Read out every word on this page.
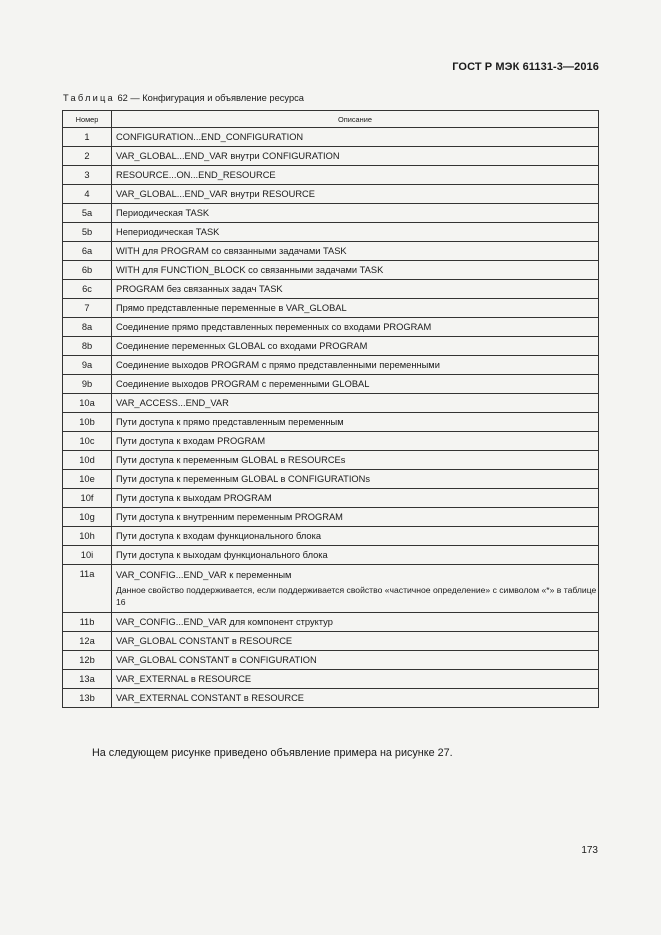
ГОСТ Р МЭК 61131-3—2016
Таблица 62 — Конфигурация и объявление ресурса
Номер	Описание
1	CONFIGURATION...END_CONFIGURATION
2	VAR_GLOBAL...END_VAR внутри CONFIGURATION
3	RESOURCE...ON...END_RESOURCE
4	VAR_GLOBAL...END_VAR внутри RESOURCE
5a	Периодическая TASK
5b	Непериодическая TASK
6a	WITH для PROGRAM со связанными задачами TASK
6b	WITH для FUNCTION_BLOCK со связанными задачами TASK
6c	PROGRAM без связанных задач TASK
7	Прямо представленные переменные в VAR_GLOBAL
8a	Соединение прямо представленных переменных со входами PROGRAM
8b	Соединение переменных GLOBAL со входами PROGRAM
9a	Соединение выходов PROGRAM с прямо представленными переменными
9b	Соединение выходов PROGRAM с переменными GLOBAL
10a	VAR_ACCESS...END_VAR
10b	Пути доступа к прямо представленным переменным
10c	Пути доступа к входам PROGRAM
10d	Пути доступа к переменным GLOBAL в RESOURCEs
10e	Пути доступа к переменным GLOBAL в CONFIGURATIONs
10f	Пути доступа к выходам PROGRAM
10g	Пути доступа к внутренним переменным PROGRAM
10h	Пути доступа к входам функционального блока
10i	Пути доступа к выходам функционального блока
11a	VAR_CONFIG...END_VAR к переменным
Данное свойство поддерживается, если поддерживается свойство «частичное определение» с символом «*» в таблице 16

11b	VAR_CONFIG...END_VAR для компонент структур
12a	VAR_GLOBAL CONSTANT в RESOURCE
12b	VAR_GLOBAL CONSTANT в CONFIGURATION
13a	VAR_EXTERNAL в RESOURCE
13b	VAR_EXTERNAL CONSTANT в RESOURCE
На следующем рисунке приведено объявление примера на рисунке 27.
173
